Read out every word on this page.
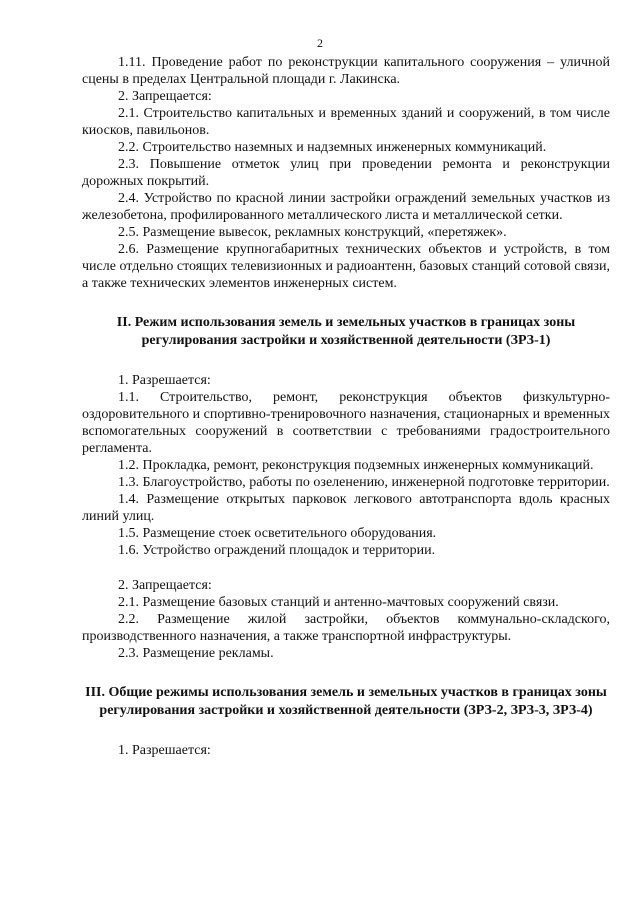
2

1.11. Проведение работ по реконструкции капитального сооружения – уличной сцены в пределах Центральной площади г. Лакинска.

2. Запрещается:

2.1. Строительство капитальных и временных зданий и сооружений, в том числе киосков, павильонов.

2.2. Строительство наземных и надземных инженерных коммуникаций.

2.3. Повышение отметок улиц при проведении ремонта и реконструкции дорожных покрытий.

2.4. Устройство по красной линии застройки ограждений земельных участков из железобетона, профилированного металлического листа и металлической сетки.

2.5. Размещение вывесок, рекламных конструкций, «перетяжек».

2.6. Размещение крупногабаритных технических объектов и устройств, в том числе отдельно стоящих телевизионных и радиоантенн, базовых станций сотовой связи, а также технических элементов инженерных систем.

II. Режим использования земель и земельных участков в границах зоны регулирования застройки и хозяйственной деятельности (ЗРЗ-1)

1. Разрешается:

1.1. Строительство, ремонт, реконструкция объектов физкультурно-оздоровительного и спортивно-тренировочного назначения, стационарных и временных вспомогательных сооружений в соответствии с требованиями градостроительного регламента.

1.2. Прокладка, ремонт, реконструкция подземных инженерных коммуникаций.

1.3. Благоустройство, работы по озеленению, инженерной подготовке территории.

1.4. Размещение открытых парковок легкового автотранспорта вдоль красных линий улиц.

1.5. Размещение стоек осветительного оборудования.

1.6. Устройство ограждений площадок и территории.

2. Запрещается:

2.1. Размещение базовых станций и антенно-мачтовых сооружений связи.

2.2. Размещение жилой застройки, объектов коммунально-складского, производственного назначения, а также транспортной инфраструктуры.

2.3. Размещение рекламы.

III. Общие режимы использования земель и земельных участков в границах зоны регулирования застройки и хозяйственной деятельности (ЗРЗ-2, ЗРЗ-3, ЗРЗ-4)

1. Разрешается:
